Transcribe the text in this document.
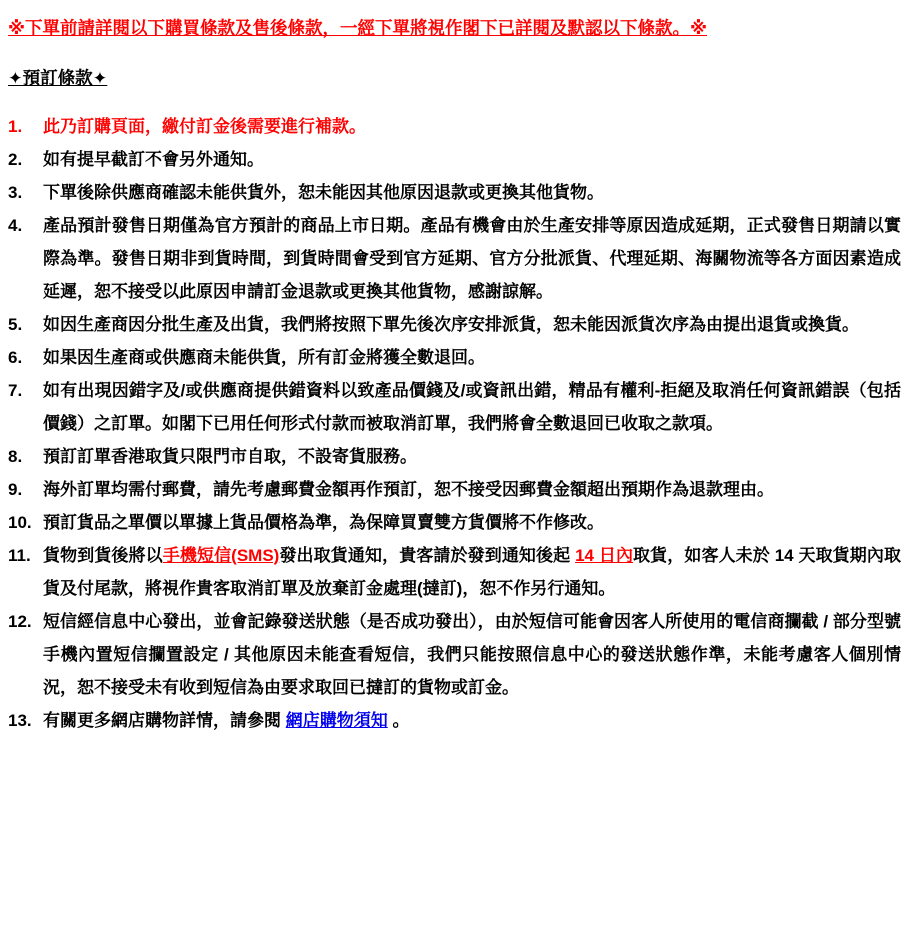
※下單前請詳閱以下購買條款及售後條款，一經下單將視作閣下已詳閱及默認以下條款。※
✦預訂條款✦
1.	此乃訂購頁面，繳付訂金後需要進行補款。
2.	如有提早截訂不會另外通知。
3.	下單後除供應商確認未能供貨外，恕未能因其他原因退款或更換其他貨物。
4.	產品預計發售日期僅為官方預計的商品上市日期。產品有機會由於生產安排等原因造成延期，正式發售日期請以實際為準。發售日期非到貨時間，到貨時間會受到官方延期、官方分批派貨、代理延期、海關物流等各方面因素造成延遲，恕不接受以此原因申請訂金退款或更換其他貨物，感謝諒解。
5.	如因生產商因分批生產及出貨，我們將按照下單先後次序安排派貨，恕未能因派貨次序為由提出退貨或換貨。
6.	如果因生產商或供應商未能供貨，所有訂金將獲全數退回。
7.	如有出現因錯字及/或供應商提供錯資料以致產品價錢及/或資訊出錯，精品有權利-拒絕及取消任何資訊錯誤（包括價錢）之訂單。如閣下已用任何形式付款而被取消訂單，我們將會全數退回已收取之款項。
8.	預訂訂單香港取貨只限門市自取，不設寄貨服務。
9.	海外訂單均需付郵費，請先考慮郵費金額再作預訂，恕不接受因郵費金額超出預期作為退款理由。
10. 預訂貨品之單價以單據上貨品價格為準，為保障買賣雙方貨價將不作修改。
11. 貨物到貨後將以手機短信(SMS)發出取貨通知，貴客請於發到通知後起 14 日內取貨，如客人未於 14 天取貨期內取貨及付尾款，將視作貴客取消訂單及放棄訂金處理(撻訂)，恕不作另行通知。
12. 短信經信息中心發出，並會記錄發送狀態（是否成功發出），由於短信可能會因客人所使用的電信商攔截 / 部分型號手機內置短信攔置設定 / 其他原因未能查看短信，我們只能按照信息中心的發送狀態作準，未能考慮客人個別情況，恕不接受未有收到短信為由要求取回已撻訂的貨物或訂金。
13. 有關更多網店購物詳情，請參閱 網店購物須知 。
